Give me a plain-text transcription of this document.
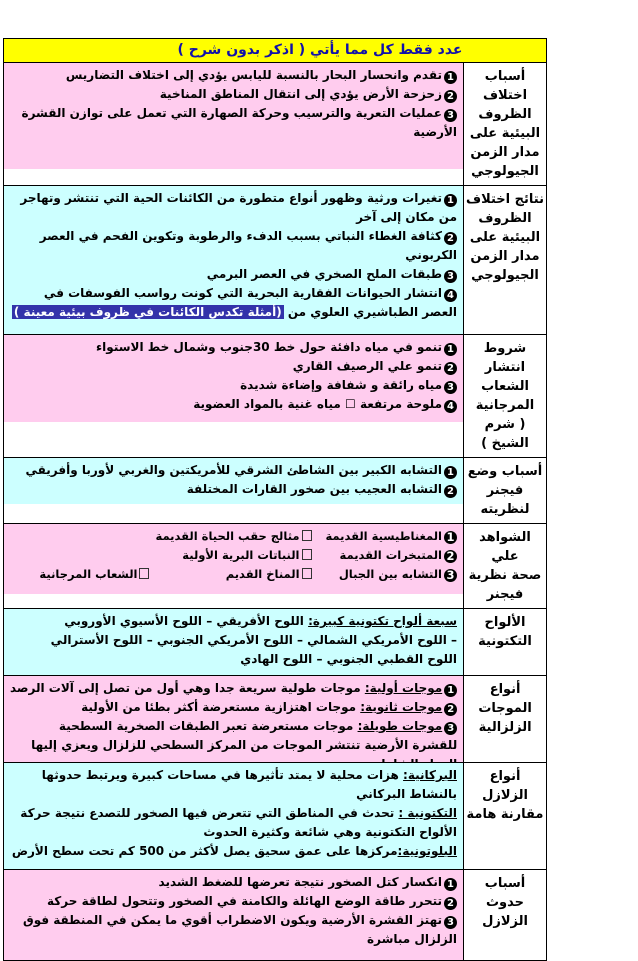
عدد فقط كل مما يأتي ( اذكر بدون شرح )
أسباب اختلاف
الظروف
البيئية على
مدار الزمن
الجيولوجي
1تقدم وانحسار البحار بالنسبة لليابس يؤدي إلى اختلاف التضاريس
2زحزحة الأرض يؤدي إلى انتقال المناطق المناخية
3عمليات التعرية والترسيب وحركة الصهارة التي تعمل على توازن القشرة الأرضية
نتائج اختلاف
الظروف
البيئية على
مدار الزمن
الجيولوجي
1تغيرات ورثية وظهور أنواع متطورة من الكائنات الحية التي تنتشر وتهاجر من مكان إلى آخر
2كثافة الغطاء النباتي بسبب الدفء والرطوبة وتكوين الفحم في العصر الكربوني
3طبقات الملح الصخري في العصر البرمي
4انتشار الحيوانات الفقارية البحرية التي كونت رواسب الفوسفات في العصر الطباشيري العلوي من (أمثلة تكدس الكائنات في ظروف بيئية معينة )
شروط انتشار
الشعاب
المرجانية
( شرم الشيخ )
1تنمو في مياه دافئة حول خط 30جنوب وشمال خط الاستواء
2تنمو علي الرصيف القاري
3مياه رائقة و شفافة وإضاءة شديدة
4ملوحة مرتفعة ☐ مياه غنية بالمواد العضوية
أسباب وضع
فيجنر لنظريته
1التشابه الكبير بين الشاطئ الشرقي للأمريكتين والغربي لأوربا وأفريقي
2التشابه العجيب بين صخور القارات المختلفة
الشواهد علي
صحة نظرية
فيجنر
1المغناطيسية القديمة
مثالج حقب الحياة القديمة
2المتبخرات القديمة
النباتات البرية الأولية
3التشابه بين الجبال
المناخ القديم
الشعاب المرجانية
الألواح
التكتونية
سبعة ألواح تكتونية كبيرة: اللوح الأفريقي – اللوح الأسيوي الأوروبي
– اللوح الأمريكي الشمالي – اللوح الأمريكي الجنوبي – اللوح الأسترالي
اللوح القطبي الجنوبي – اللوح الهادي
أنواع
الموجات
الزلزالية
1موجات أولية: موجات طولية سريعة جدا وهي أول من تصل إلى آلات الرصد
2موجات ثانوية: موجات اهتزازية مستعرضة أكثر بطئا من الأولية
3موجات طويلة: موجات مستعرضة تعبر الطبقات الصخرية السطحية للقشرة الأرضية تنتشر الموجات من المركز السطحي للزلزال ويعزي إليها
أنواع الزلازل
مقارنة هامة
البركانية: هزات محلية لا يمتد تأثيرها في مساحات كبيرة ويرتبط حدوثها بالنشاط البركاني
التكتونية : تحدث في المناطق التي تتعرض فيها الصخور للتصدع نتيجة حركة الألواح التكتونية وهي شائعة وكثيرة الحدوث
البلوتونية:مركزها على عمق سحيق يصل لأكثر من 500 كم تحت سطح الأرض
أسباب حدوث
الزلازل
1انكسار كتل الصخور نتيجة تعرضها للضغط الشديد
2تتحرر طاقة الوضع الهائلة والكامنة في الصخور وتتحول لطاقة حركة
3تهتز القشرة الأرضية ويكون الاضطراب أقوي ما يمكن في المنطقة فوق الزلزال مباشرة
